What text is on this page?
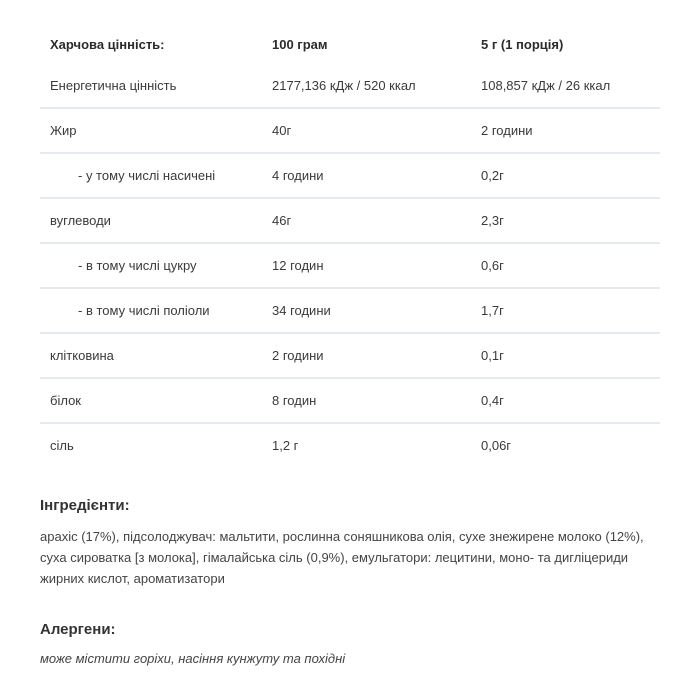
Харчова цінність:	100 грам	5 г (1 порція)
Енергетична цінність	2177,136 кДж / 520 ккал	108,857 кДж / 26 ккал
Жир	40г	2 години
- у тому числі насичені	4 години	0,2г
вуглеводи	46г	2,3г
- в тому числі цукру	12 годин	0,6г
- в тому числі поліоли	34 години	1,7г
клітковина	2 години	0,1г
білок	8 годин	0,4г
сіль	1,2 г	0,06г
Інгредієнти:
арахіс (17%), підсолоджувач: мальтити, рослинна соняшникова олія, сухе знежирене молоко (12%), суха сироватка [з молока], гімалайська сіль (0,9%), емульгатори: лецитини, моно- та дигліцериди жирних кислот, ароматизатори
Алергени:
може містити горіхи, насіння кунжуту та похідні
